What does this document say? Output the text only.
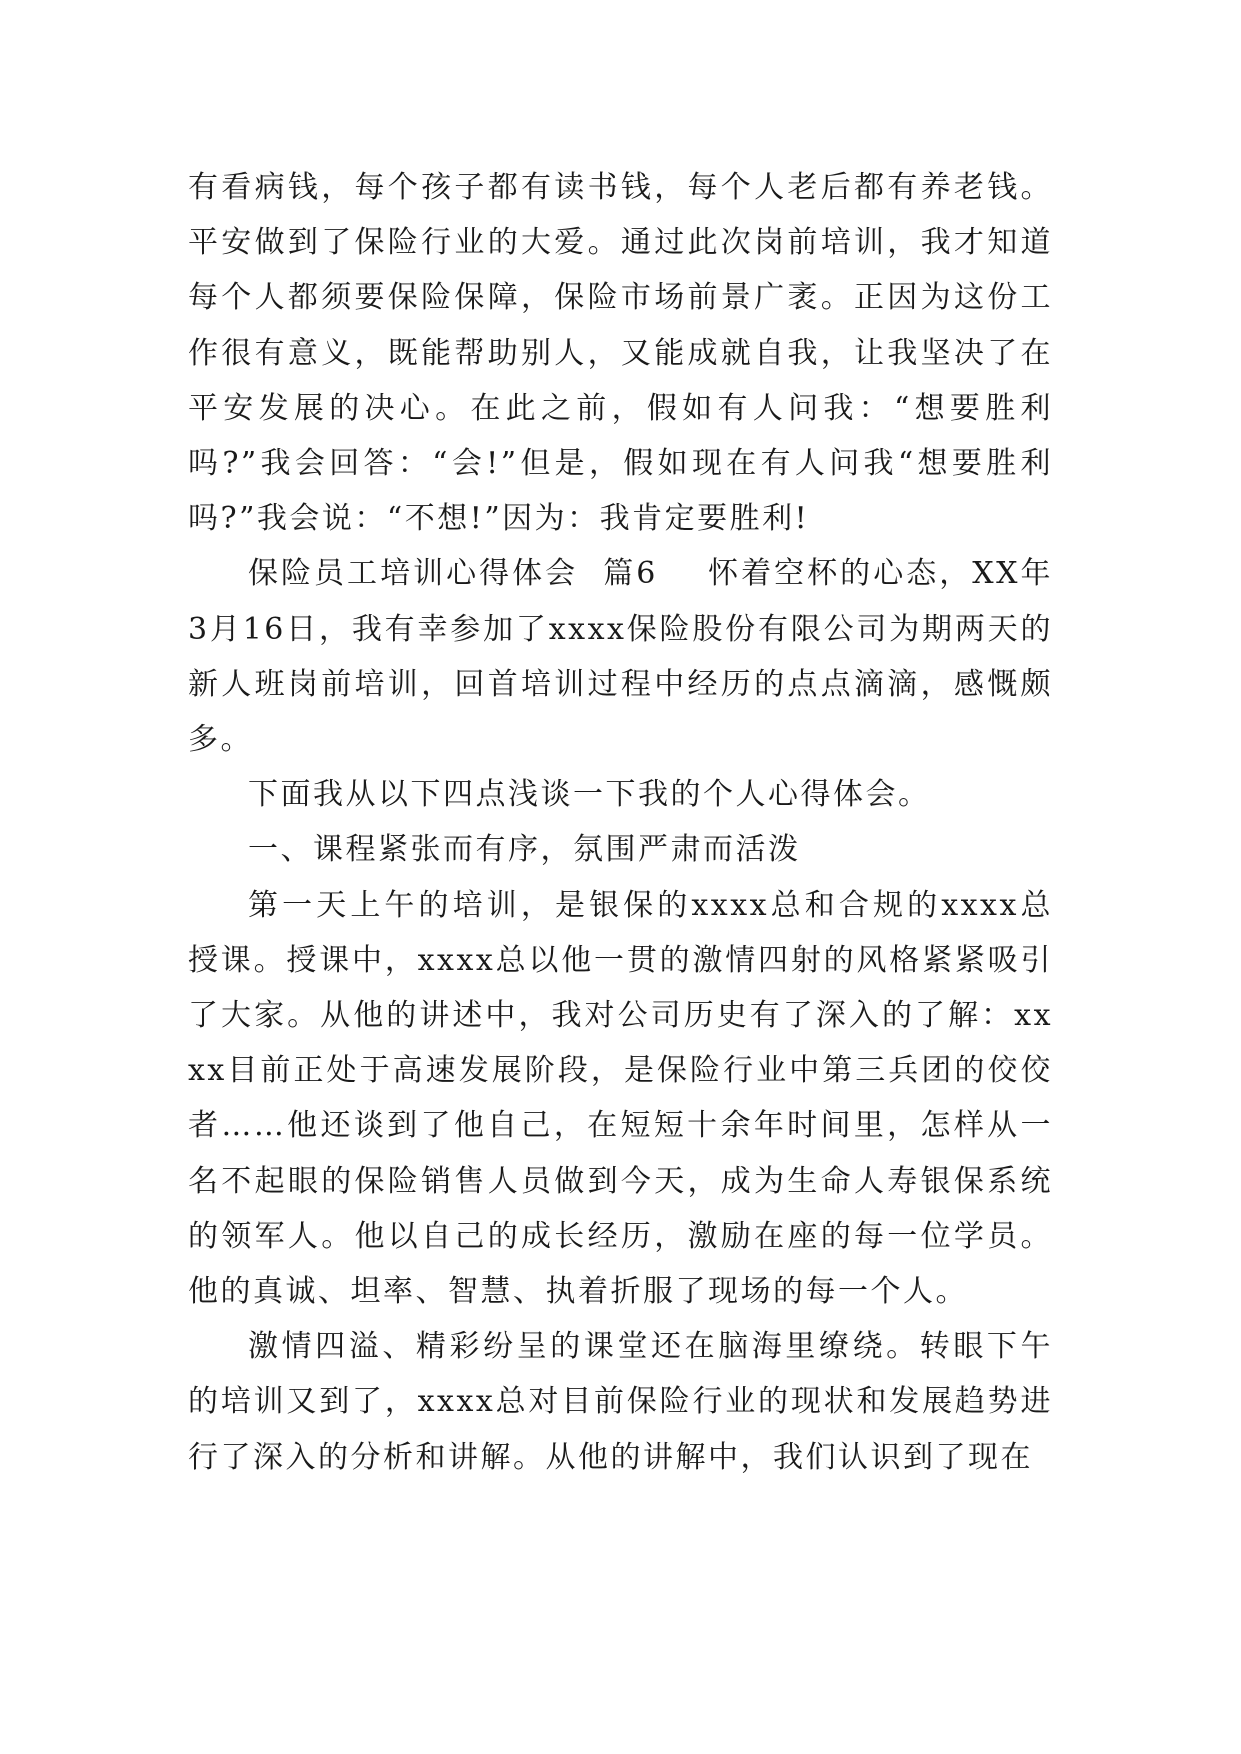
有看病钱，每个孩子都有读书钱，每个人老后都有养老钱。平安做到了保险行业的大爱。通过此次岗前培训，我才知道每个人都须要保险保障，保险市场前景广袤。正因为这份工作很有意义，既能帮助别人，又能成就自我，让我坚决了在平安发展的决心。在此之前，假如有人问我：“想要胜利吗?”我会回答：“会!”但是，假如现在有人问我“想要胜利吗?”我会说：“不想!”因为：我肯定要胜利!

保险员工培训心得体会  篇6    怀着空杯的心态，XX年3月16日，我有幸参加了xxxx保险股份有限公司为期两天的新人班岗前培训，回首培训过程中经历的点点滴滴，感慨颇多。

下面我从以下四点浅谈一下我的个人心得体会。

一、课程紧张而有序，氛围严肃而活泼

第一天上午的培训，是银保的xxxx总和合规的xxxx总授课。授课中，xxxx总以他一贯的激情四射的风格紧紧吸引了大家。从他的讲述中，我对公司历史有了深入的了解：xxxx目前正处于高速发展阶段，是保险行业中第三兵团的佼佼者……他还谈到了他自己，在短短十余年时间里，怎样从一名不起眼的保险销售人员做到今天，成为生命人寿银保系统的领军人。他以自己的成长经历，激励在座的每一位学员。他的真诚、坦率、智慧、执着折服了现场的每一个人。

激情四溢、精彩纷呈的课堂还在脑海里缭绕。转眼下午的培训又到了，xxxx总对目前保险行业的现状和发展趋势进行了深入的分析和讲解。从他的讲解中，我们认识到了现在
